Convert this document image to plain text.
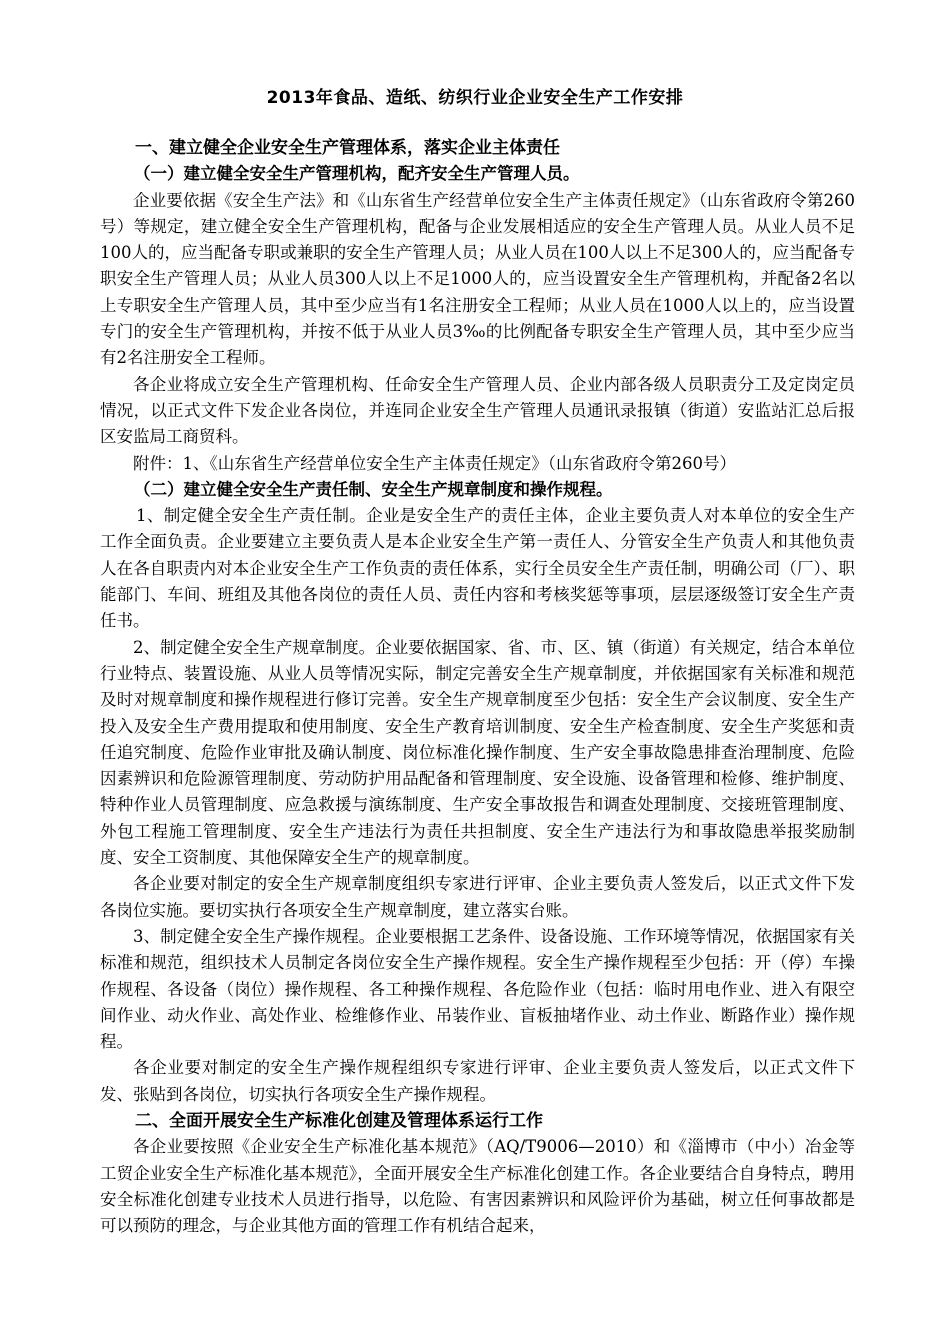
2013年食品、造纸、纺织行业企业安全生产工作安排

一、建立健全企业安全生产管理体系，落实企业主体责任

（一）建立健全安全生产管理机构，配齐安全生产管理人员。

企业要依据《安全生产法》和《山东省生产经营单位安全生产主体责任规定》（山东省政府令第260号）等规定，建立健全安全生产管理机构，配备与企业发展相适应的安全生产管理人员。从业人员不足100人的，应当配备专职或兼职的安全生产管理人员；从业人员在100人以上不足300人的，应当配备专职安全生产管理人员；从业人员300人以上不足1000人的，应当设置安全生产管理机构，并配备2名以上专职安全生产管理人员，其中至少应当有1名注册安全工程师；从业人员在1000人以上的，应当设置专门的安全生产管理机构，并按不低于从业人员3‰的比例配备专职安全生产管理人员，其中至少应当有2名注册安全工程师。

各企业将成立安全生产管理机构、任命安全生产管理人员、企业内部各级人员职责分工及定岗定员情况，以正式文件下发企业各岗位，并连同企业安全生产管理人员通讯录报镇（街道）安监站汇总后报区安监局工商贸科。

附件：1、《山东省生产经营单位安全生产主体责任规定》（山东省政府令第260号）

（二）建立健全安全生产责任制、安全生产规章制度和操作规程。

1、制定健全安全生产责任制。企业是安全生产的责任主体，企业主要负责人对本单位的安全生产工作全面负责。企业要建立主要负责人是本企业安全生产第一责任人、分管安全生产负责人和其他负责人在各自职责内对本企业安全生产工作负责的责任体系，实行全员安全生产责任制，明确公司（厂）、职能部门、车间、班组及其他各岗位的责任人员、责任内容和考核奖惩等事项，层层逐级签订安全生产责任书。

2、制定健全安全生产规章制度。企业要依据国家、省、市、区、镇（街道）有关规定，结合本单位行业特点、装置设施、从业人员等情况实际，制定完善安全生产规章制度，并依据国家有关标准和规范及时对规章制度和操作规程进行修订完善。安全生产规章制度至少包括：安全生产会议制度、安全生产投入及安全生产费用提取和使用制度、安全生产教育培训制度、安全生产检查制度、安全生产奖惩和责任追究制度、危险作业审批及确认制度、岗位标准化操作制度、生产安全事故隐患排查治理制度、危险因素辨识和危险源管理制度、劳动防护用品配备和管理制度、安全设施、设备管理和检修、维护制度、特种作业人员管理制度、应急救援与演练制度、生产安全事故报告和调查处理制度、交接班管理制度、外包工程施工管理制度、安全生产违法行为责任共担制度、安全生产违法行为和事故隐患举报奖励制度、安全工资制度、其他保障安全生产的规章制度。

各企业要对制定的安全生产规章制度组织专家进行评审、企业主要负责人签发后，以正式文件下发各岗位实施。要切实执行各项安全生产规章制度，建立落实台账。

3、制定健全安全生产操作规程。企业要根据工艺条件、设备设施、工作环境等情况，依据国家有关标准和规范，组织技术人员制定各岗位安全生产操作规程。安全生产操作规程至少包括：开（停）车操作规程、各设备（岗位）操作规程、各工种操作规程、各危险作业（包括：临时用电作业、进入有限空间作业、动火作业、高处作业、检维修作业、吊装作业、盲板抽堵作业、动土作业、断路作业）操作规程。

各企业要对制定的安全生产操作规程组织专家进行评审、企业主要负责人签发后，以正式文件下发、张贴到各岗位，切实执行各项安全生产操作规程。

二、全面开展安全生产标准化创建及管理体系运行工作

各企业要按照《企业安全生产标准化基本规范》（AQ/T9006—2010）和《淄博市（中小）冶金等工贸企业安全生产标准化基本规范》，全面开展安全生产标准化创建工作。各企业要结合自身特点，聘用安全标准化创建专业技术人员进行指导，以危险、有害因素辨识和风险评价为基础，树立任何事故都是可以预防的理念，与企业其他方面的管理工作有机结合起来，
